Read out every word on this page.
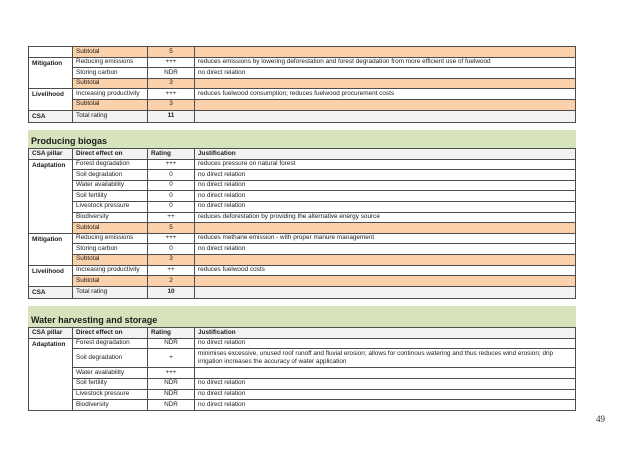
	Subtotal	5	
Mitigation	Reducing emissions	+++	reduces emissions by lowering deforestation and forest degradation from more efficient use of fuelwood
	Storing carbon	NDR	no direct relation
	Subtotal	3	
Livelihood	Increasing productivity	+++	reduces fuelwood consumption; reduces fuelwood procurement costs
	Subtotal	3	
CSA	Total rating	11	
Producing biogas
CSA pillar	Direct effect on	Rating	Justification
Adaptation	Forest degradation	+++	reduces pressure on natural forest
	Soil degradation	0	no direct relation
	Water availability	0	no direct relation
	Soil fertility	0	no direct relation
	Livestock pressure	0	no direct relation
	Biodiversity	++	reduces deforestation by providing the alternative energy source
	Subtotal	5	
Mitigation	Reducing emissions	+++	reduces methane emission - with proper manure management
	Storing carbon	0	no direct relation
	Subtotal	3	
Livelihood	Increasing productivity	++	reduces fuelwood costs
	Subtotal	2	
CSA	Total rating	10	
Water harvesting and storage
CSA pillar	Direct effect on	Rating	Justification
Adaptation	Forest degradation	NDR	no direct relation
	Soil degradation	+	minimises excessive, unused roof runoff and fluvial erosion; allows for continous watering and thus reduces wind erosion; drip irrigation increases the accuracy of water application
	Water availability	+++	
	Soil fertility	NDR	no direct relation
	Livestock pressure	NDR	no direct relation
	Biodiversity	NDR	no direct relation
49
